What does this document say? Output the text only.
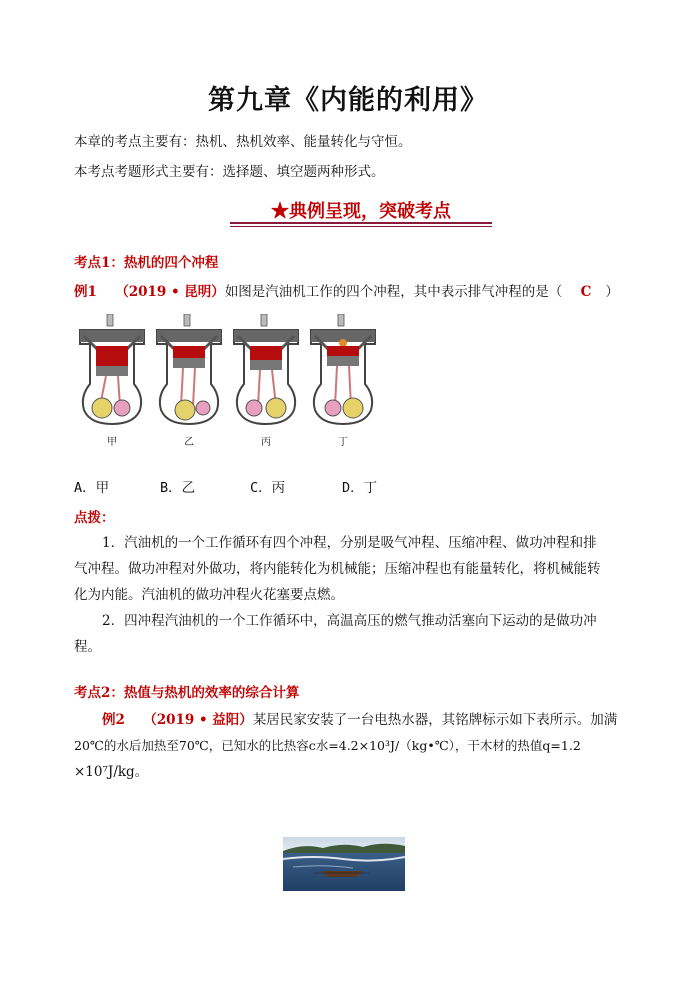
第九章《内能的利用》
本章的考点主要有：热机、热机效率、能量转化与守恒。
本考点考题形式主要有：选择题、填空题两种形式。
★典例呈现，突破考点
考点1：热机的四个冲程
例1 （2019 • 昆明）如图是汽油机工作的四个冲程，其中表示排气冲程的是（ C ）
甲	乙	丙	丁
A．甲	B．乙	C．丙	D．丁
点拨：
1．汽油机的一个工作循环有四个冲程，分别是吸气冲程、压缩冲程、做功冲程和排
气冲程。做功冲程对外做功，将内能转化为机械能；压缩冲程也有能量转化，将机械能转
化为内能。汽油机的做功冲程火花塞要点燃。
2．四冲程汽油机的一个工作循环中，高温高压的燃气推动活塞向下运动的是做功冲
程。
考点2：热值与热机的效率的综合计算
例2 （2019 • 益阳）某居民家安装了一台电热水器，其铭牌标示如下表所示。加满
20℃的水后加热至70℃，已知水的比热容c水=4.2×10³J/（kg•℃），干木材的热值q=1.2
×10⁷J/kg。
